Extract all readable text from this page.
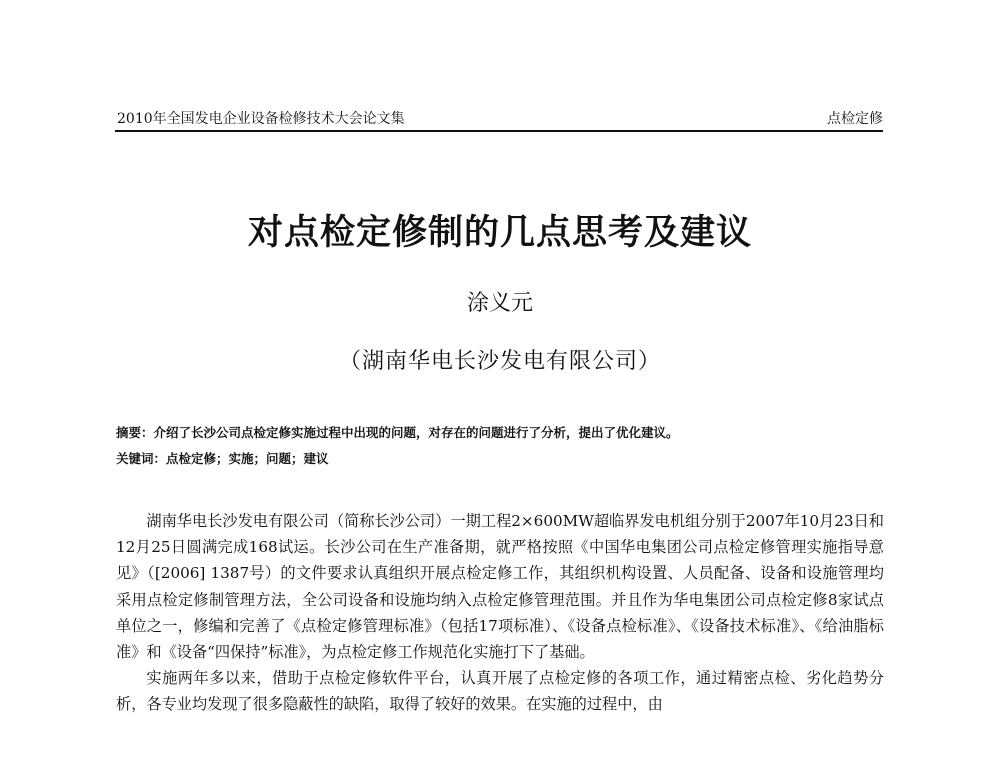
2010年全国发电企业设备检修技术大会论文集	点检定修
对点检定修制的几点思考及建议
涂义元
（湖南华电长沙发电有限公司）
摘要：介绍了长沙公司点检定修实施过程中出现的问题，对存在的问题进行了分析，提出了优化建议。
关键词：点检定修；实施；问题；建议

湖南华电长沙发电有限公司（简称长沙公司）一期工程2×600MW超临界发电机组分别于2007年10月23日和12月25日圆满完成168试运。长沙公司在生产准备期，就严格按照《中国华电集团公司点检定修管理实施指导意见》（[2006] 1387号）的文件要求认真组织开展点检定修工作，其组织机构设置、人员配备、设备和设施管理均采用点检定修制管理方法，全公司设备和设施均纳入点检定修管理范围。并且作为华电集团公司点检定修8家试点单位之一，修编和完善了《点检定修管理标准》（包括17项标准）、《设备点检标准》、《设备技术标准》、《给油脂标准》和《设备“四保持”标准》，为点检定修工作规范化实施打下了基础。

实施两年多以来，借助于点检定修软件平台，认真开展了点检定修的各项工作，通过精密点检、劣化趋势分析，各专业均发现了很多隐蔽性的缺陷，取得了较好的效果。在实施的过程中，由
